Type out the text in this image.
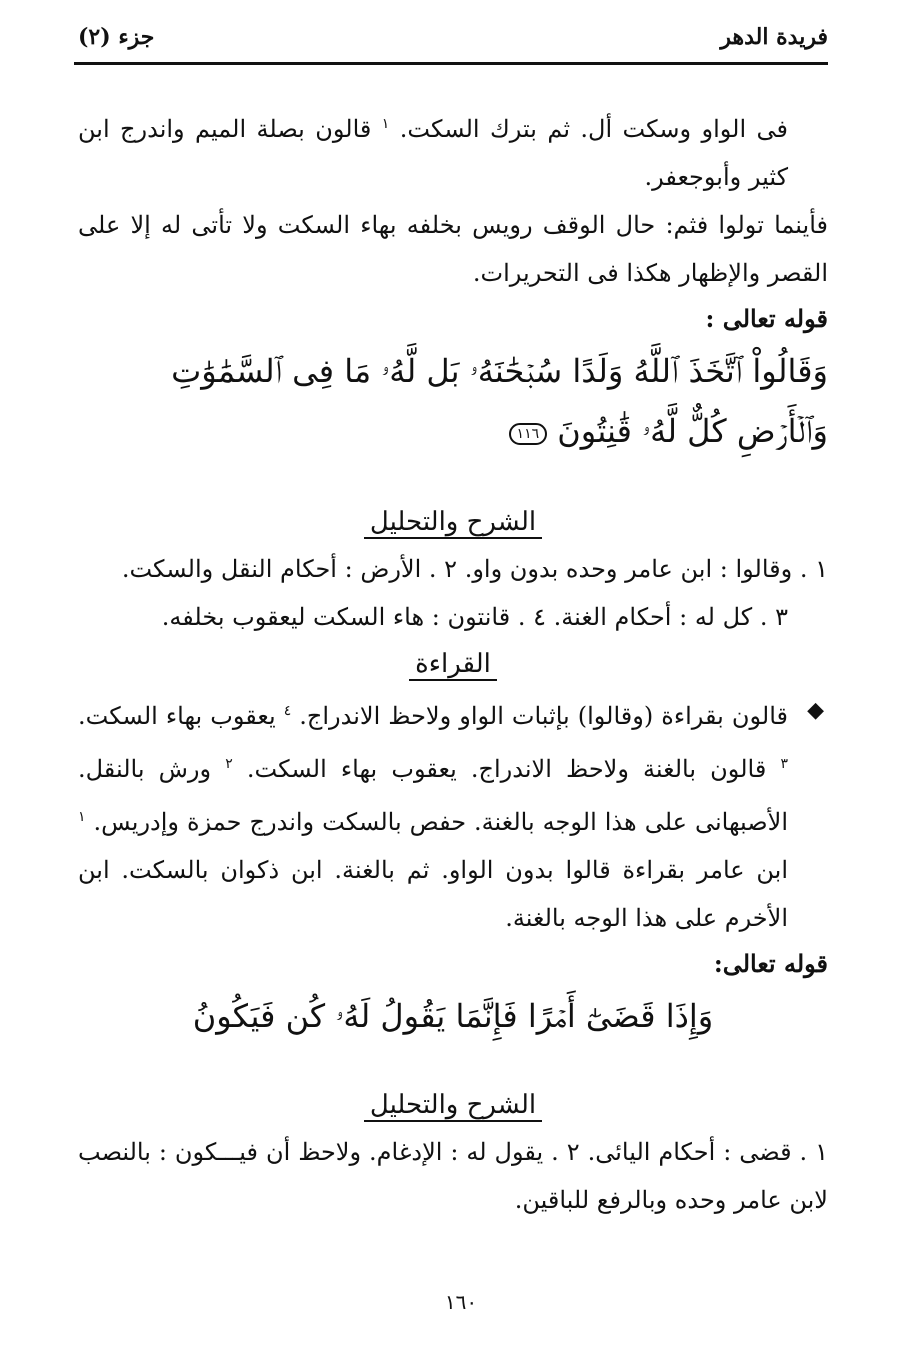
فريدة الدهر
جزء (٢)

فى الواو وسكت أل. ثم بترك السكت. $^١$ قالون بصلة الميم واندرج ابن كثير وأبوجعفر.

فأينما تولوا فثم: حال الوقف رويس بخلفه بهاء السكت ولا تأتى له إلا على القصر والإظهار هكذا فى التحريرات.

قوله تعالى :

وَقَالُواْ ٱتَّخَذَ ٱللَّهُ وَلَدًا سُبۡحَٰنَهُۥ بَل لَّهُۥ مَا فِى ٱلسَّمَٰوَٰتِ وَٱلۡأَرۡضِ كُلٌّ لَّهُۥ قَٰنِتُونَ ١١٦

الشرح والتحليل

١ . وقالوا : ابن عامر وحده بدون واو. ٢ . الأرض : أحكام النقل والسكت.

٣ . كل له : أحكام الغنة. ٤ . قانتون : هاء السكت ليعقوب بخلفه.

القراءة

◆
قالون بقراءة (وقالوا) بإثبات الواو ولاحظ الاندراج. $^٤$ يعقوب بهاء السكت. $^٣$ قالون بالغنة ولاحظ الاندراج. يعقوب بهاء السكت. $^٢$ ورش بالنقل. الأصبهانى على هذا الوجه بالغنة. حفص بالسكت واندرج حمزة وإدريس. $^١$ ابن عامر بقراءة قالوا بدون الواو. ثم بالغنة. ابن ذكوان بالسكت. ابن الأخرم على هذا الوجه بالغنة.

قوله تعالى:

وَإِذَا قَضَىٰٓ أَمۡرًا فَإِنَّمَا يَقُولُ لَهُۥ كُن فَيَكُونُ

الشرح والتحليل

١ . قضى : أحكام اليائى. ٢ . يقول له : الإدغام. ولاحظ أن فيـــكون : بالنصب لابن عامر وحده وبالرفع للباقين.

١٦٠
